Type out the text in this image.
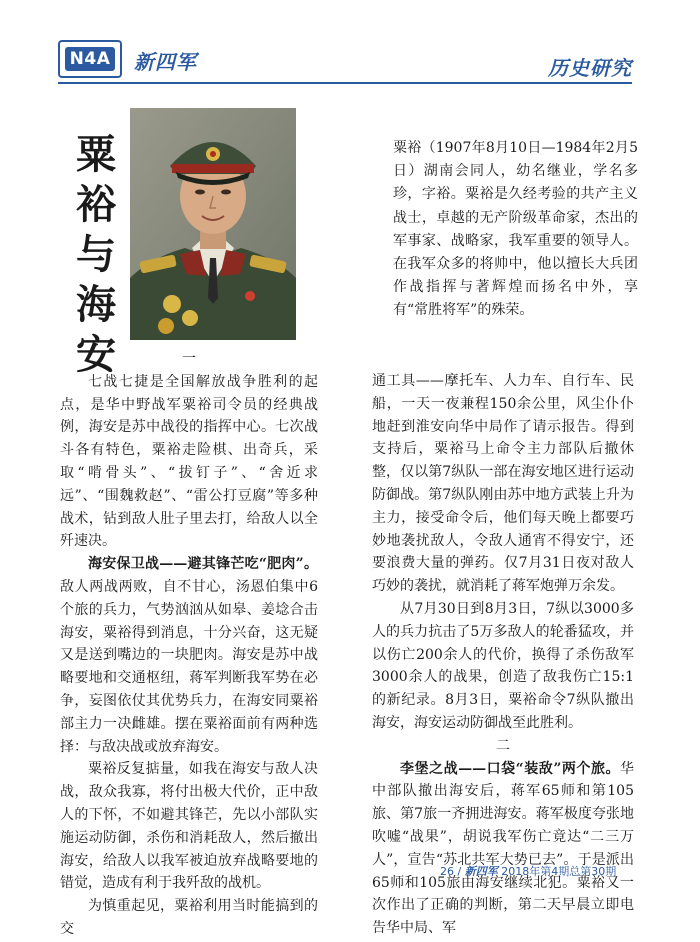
N4A 新四军	历史研究
粟
裕
与
海
安
粟裕（1907年8月10日—1984年2月5日）湖南会同人，幼名继业，学名多珍，字裕。粟裕是久经考验的共产主义战士，卓越的无产阶级革命家，杰出的军事家、战略家，我军重要的领导人。在我军众多的将帅中，他以擅长大兵团作战指挥与著辉煌而扬名中外，享有“常胜将军”的殊荣。

一

七战七捷是全国解放战争胜利的起点，是华中野战军粟裕司令员的经典战例，海安是苏中战役的指挥中心。七次战斗各有特色，粟裕走险棋、出奇兵，采取“啃骨头”、“拔钉子”、“舍近求远”、“围魏救赵”、“雷公打豆腐”等多种战术，钻到敌人肚子里去打，给敌人以全歼速决。

海安保卫战——避其锋芒吃“肥肉”。敌人两战两败，自不甘心，汤恩伯集中6个旅的兵力，气势汹汹从如皋、姜埝合击海安，粟裕得到消息，十分兴奋，这无疑又是送到嘴边的一块肥肉。海安是苏中战略要地和交通枢纽，蒋军判断我军势在必争，妄图依仗其优势兵力，在海安同粟裕部主力一决雌雄。摆在粟裕面前有两种选择：与敌决战或放弃海安。

粟裕反复掂量，如我在海安与敌人决战，敌众我寡，将付出极大代价，正中敌人的下怀，不如避其锋芒，先以小部队实施运动防御，杀伤和消耗敌人，然后撤出海安，给敌人以我军被迫放弃战略要地的错觉，造成有利于我歼敌的战机。

为慎重起见，粟裕利用当时能搞到的交

通工具——摩托车、人力车、自行车、民船，一天一夜兼程150余公里，风尘仆仆地赶到淮安向华中局作了请示报告。得到支持后，粟裕马上命令主力部队后撤休整，仅以第7纵队一部在海安地区进行运动防御战。第7纵队刚由苏中地方武装上升为主力，接受命令后，他们每天晚上都要巧妙地袭扰敌人，令敌人通宵不得安宁，还要浪费大量的弹药。仅7月31日夜对敌人巧妙的袭扰，就消耗了蒋军炮弹万余发。

从7月30日到8月3日，7纵以3000多人的兵力抗击了5万多敌人的轮番猛攻，并以伤亡200余人的代价，换得了杀伤敌军3000余人的战果，创造了敌我伤亡15:1的新纪录。8月3日，粟裕命令7纵队撤出海安，海安运动防御战至此胜利。

二

李堡之战——口袋“装敌”两个旅。华中部队撤出海安后，蒋军65师和第105旅、第7旅一齐拥进海安。蒋军极度夸张地吹嘘“战果”，胡说我军伤亡竟达“二三万人”，宣告“苏北共军大势已去”。于是派出65师和105旅由海安继续北犯。粟裕又一次作出了正确的判断，第二天早晨立即电告华中局、军

26 / 新四军 2018年第4期总第30期
